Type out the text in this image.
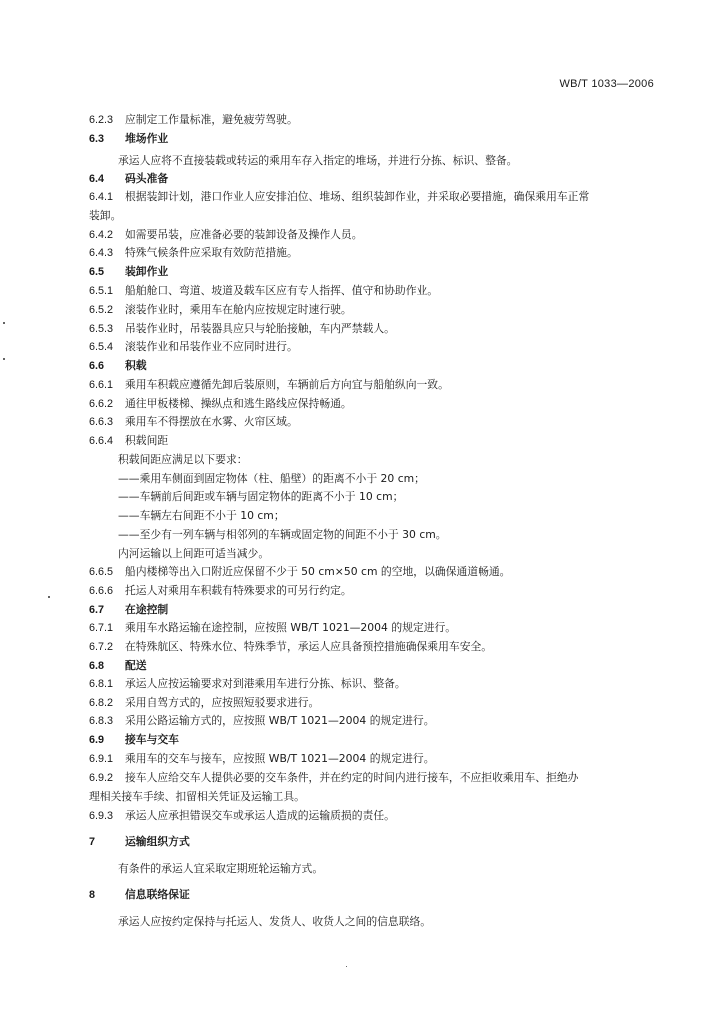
WB/T 1033—2006
6.2.3 应制定工作量标准，避免疲劳驾驶。
6.3 堆场作业
承运人应将不直接装载或转运的乘用车存入指定的堆场，并进行分拣、标识、整备。
6.4 码头准备
6.4.1 根据装卸计划，港口作业人应安排泊位、堆场、组织装卸作业，并采取必要措施，确保乘用车正常
装卸。
6.4.2 如需要吊装，应准备必要的装卸设备及操作人员。
6.4.3 特殊气候条件应采取有效防范措施。
6.5 装卸作业
6.5.1 船舶舱口、弯道、坡道及载车区应有专人指挥、值守和协助作业。
6.5.2 滚装作业时，乘用车在舱内应按规定时速行驶。
6.5.3 吊装作业时，吊装器具应只与轮胎接触，车内严禁载人。
6.5.4 滚装作业和吊装作业不应同时进行。
6.6 积载
6.6.1 乘用车积载应遵循先卸后装原则，车辆前后方向宜与船舶纵向一致。
6.6.2 通往甲板楼梯、操纵点和逃生路线应保持畅通。
6.6.3 乘用车不得摆放在水雾、火帘区域。
6.6.4 积载间距
积载间距应满足以下要求：
——乘用车侧面到固定物体（柱、船壁）的距离不小于 20 cm；
——车辆前后间距或车辆与固定物体的距离不小于 10 cm；
——车辆左右间距不小于 10 cm；
——至少有一列车辆与相邻列的车辆或固定物的间距不小于 30 cm。
内河运输以上间距可适当减少。
6.6.5 船内楼梯等出入口附近应保留不少于 50 cm×50 cm 的空地，以确保通道畅通。
6.6.6 托运人对乘用车积载有特殊要求的可另行约定。
6.7 在途控制
6.7.1 乘用车水路运输在途控制，应按照 WB/T 1021—2004 的规定进行。
6.7.2 在特殊航区、特殊水位、特殊季节，承运人应具备预控措施确保乘用车安全。
6.8 配送
6.8.1 承运人应按运输要求对到港乘用车进行分拣、标识、整备。
6.8.2 采用自驾方式的，应按照短驳要求进行。
6.8.3 采用公路运输方式的，应按照 WB/T 1021—2004 的规定进行。
6.9 接车与交车
6.9.1 乘用车的交车与接车，应按照 WB/T 1021—2004 的规定进行。
6.9.2 接车人应给交车人提供必要的交车条件，并在约定的时间内进行接车，不应拒收乘用车、拒绝办
理相关接车手续、扣留相关凭证及运输工具。
6.9.3 承运人应承担错误交车或承运人造成的运输质损的责任。
7	运输组织方式
有条件的承运人宜采取定期班轮运输方式。
8	信息联络保证
承运人应按约定保持与托运人、发货人、收货人之间的信息联络。
